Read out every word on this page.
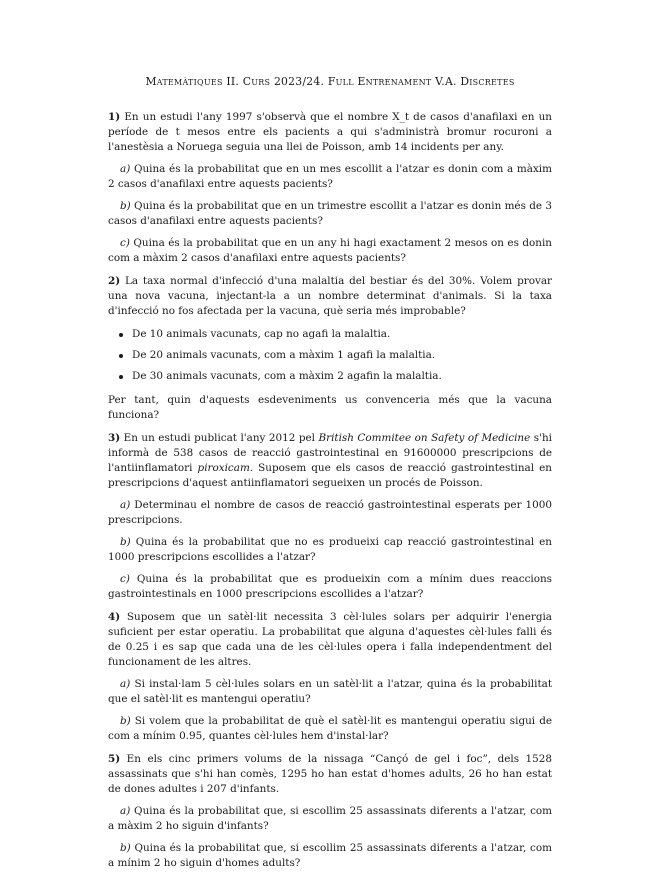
Matemàtiques II. Curs 2023/24. Full Entrenament V.A. Discretes

1) En un estudi l'any 1997 s'observà que el nombre X_t de casos d'anafilaxi en un període de t mesos entre els pacients a qui s'administrà bromur rocuroni a l'anestèsia a Noruega seguia una llei de Poisson, amb 14 incidents per any.

a) Quina és la probabilitat que en un mes escollit a l'atzar es donin com a màxim 2 casos d'anafilaxi entre aquests pacients?

b) Quina és la probabilitat que en un trimestre escollit a l'atzar es donin més de 3 casos d'anafilaxi entre aquests pacients?

c) Quina és la probabilitat que en un any hi hagi exactament 2 mesos on es donin com a màxim 2 casos d'anafilaxi entre aquests pacients?

2) La taxa normal d'infecció d'una malaltia del bestiar és del 30%. Volem provar una nova vacuna, injectant-la a un nombre determinat d'animals. Si la taxa d'infecció no fos afectada per la vacuna, què seria més improbable?

De 10 animals vacunats, cap no agafi la malaltia.
De 20 animals vacunats, com a màxim 1 agafi la malaltia.
De 30 animals vacunats, com a màxim 2 agafin la malaltia.

Per tant, quin d'aquests esdeveniments us convenceria més que la vacuna funciona?

3) En un estudi publicat l'any 2012 pel British Commitee on Safety of Medicine s'hi informà de 538 casos de reacció gastrointestinal en 91600000 prescripcions de l'antiinflamatori piroxicam. Suposem que els casos de reacció gastrointestinal en prescripcions d'aquest antiinflamatori segueixen un procés de Poisson.

a) Determinau el nombre de casos de reacció gastrointestinal esperats per 1000 prescripcions.

b) Quina és la probabilitat que no es produeixi cap reacció gastrointestinal en 1000 prescripcions escollides a l'atzar?

c) Quina és la probabilitat que es produeixin com a mínim dues reaccions gastrointestinals en 1000 prescripcions escollides a l'atzar?

4) Suposem que un satèl·lit necessita 3 cèl·lules solars per adquirir l'energia suficient per estar operatiu. La probabilitat que alguna d'aquestes cèl·lules falli és de 0.25 i es sap que cada una de les cèl·lules opera i falla independentment del funcionament de les altres.

a) Si instal·lam 5 cèl·lules solars en un satèl·lit a l'atzar, quina és la probabilitat que el satèl·lit es mantengui operatiu?

b) Si volem que la probabilitat de què el satèl·lit es mantengui operatiu sigui de com a mínim 0.95, quantes cèl·lules hem d'instal·lar?

5) En els cinc primers volums de la nissaga “Cançó de gel i foc”, dels 1528 assassinats que s'hi han comès, 1295 ho han estat d'homes adults, 26 ho han estat de dones adultes i 207 d'infants.

a) Quina és la probabilitat que, si escollim 25 assassinats diferents a l'atzar, com a màxim 2 ho siguin d'infants?

b) Quina és la probabilitat que, si escollim 25 assassinats diferents a l'atzar, com a mínim 2 ho siguin d'homes adults?
